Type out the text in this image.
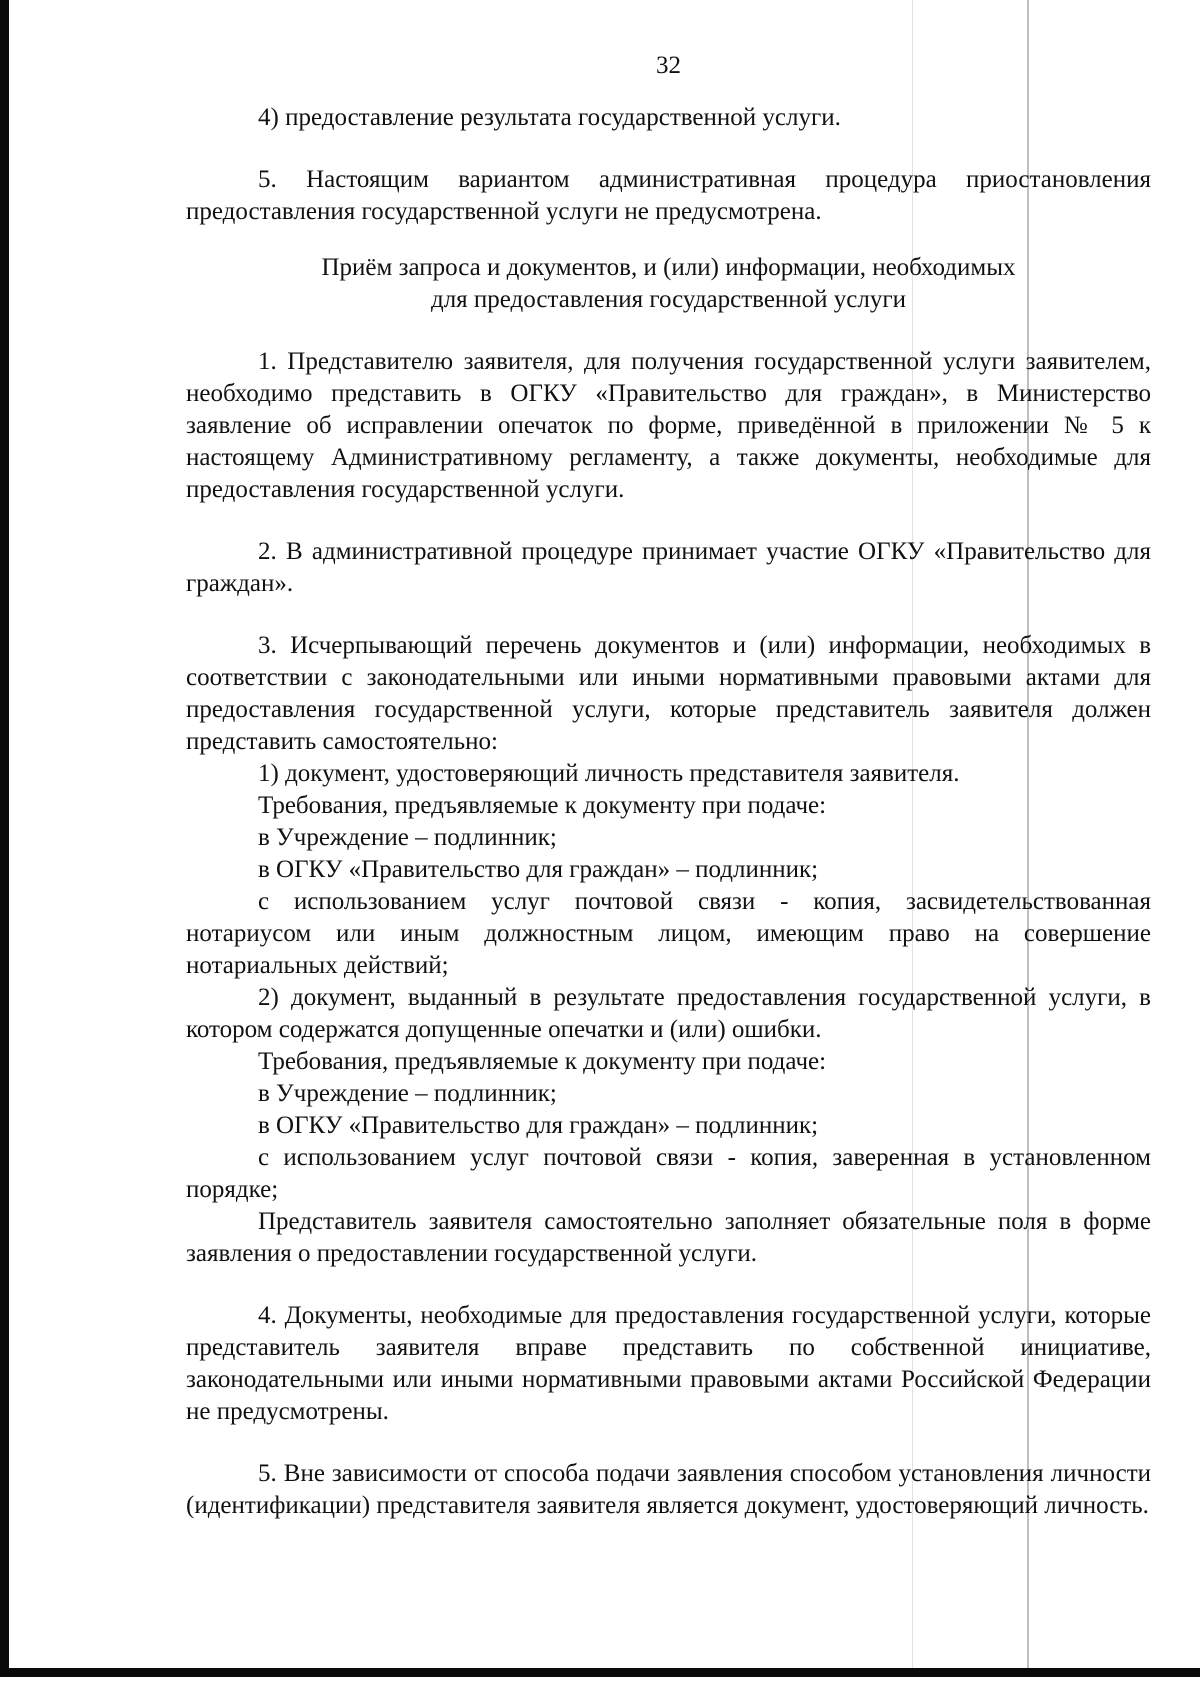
32

4) предоставление результата государственной услуги.

5. Настоящим вариантом административная процедура приостановления предоставления государственной услуги не предусмотрена.

Приём запроса и документов, и (или) информации, необходимых
для предоставления государственной услуги

1. Представителю заявителя, для получения государственной услуги заявителем, необходимо представить в ОГКУ «Правительство для граждан», в Министерство заявление об исправлении опечаток по форме, приведённой в приложении № 5 к настоящему Административному регламенту, а также документы, необходимые для предоставления государственной услуги.

2. В административной процедуре принимает участие ОГКУ «Правительство для граждан».

3. Исчерпывающий перечень документов и (или) информации, необходимых в соответствии с законодательными или иными нормативными правовыми актами для предоставления государственной услуги, которые представитель заявителя должен представить самостоятельно:

1) документ, удостоверяющий личность представителя заявителя.

Требования, предъявляемые к документу при подаче:

в Учреждение – подлинник;

в ОГКУ «Правительство для граждан» – подлинник;

с использованием услуг почтовой связи - копия, засвидетельствованная нотариусом или иным должностным лицом, имеющим право на совершение нотариальных действий;

2) документ, выданный в результате предоставления государственной услуги, в котором содержатся допущенные опечатки и (или) ошибки.

Требования, предъявляемые к документу при подаче:

в Учреждение – подлинник;

в ОГКУ «Правительство для граждан» – подлинник;

с использованием услуг почтовой связи - копия, заверенная в установленном порядке;

Представитель заявителя самостоятельно заполняет обязательные поля в форме заявления о предоставлении государственной услуги.

4. Документы, необходимые для предоставления государственной услуги, которые представитель заявителя вправе представить по собственной инициативе, законодательными или иными нормативными правовыми актами Российской Федерации не предусмотрены.

5. Вне зависимости от способа подачи заявления способом установления личности (идентификации) представителя заявителя является документ, удостоверяющий личность.
